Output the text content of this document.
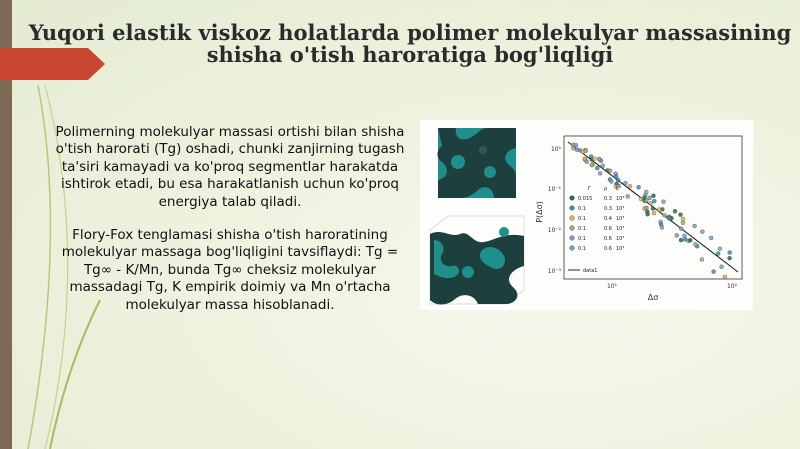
Yuqori elastik viskoz holatlarda polimer molekulyar massasining
shisha o'tish haroratiga bog'liqligi

Polimerning molekulyar massasi ortishi bilan shisha o'tish harorati (Tg) oshadi, chunki zanjirning tugash ta'siri kamayadi va ko'proq segmentlar harakatda ishtirok etadi, bu esa harakatlanish uchun ko'proq energiya talab qiladi.

Flory-Fox tenglamasi shisha o'tish haroratining molekulyar massaga bog'liqligini tavsiflaydi: Tg = Tg∞ - K/Mn, bunda Tg∞ cheksiz molekulyar massadagi Tg, K empirik doimiy va Mn o'rtacha molekulyar massa hisoblanadi.

P(Δσ)
Δσ
10⁰
10⁻¹
10⁻²
10⁻³
10¹	10²
Γ	ρ L
0.015 0.3 10³
0.1	0.3 10³
0.1	0.4 10³
0.1	0.6 10³
0.1	0.6 10³
0.1	0.6 10³
data1
